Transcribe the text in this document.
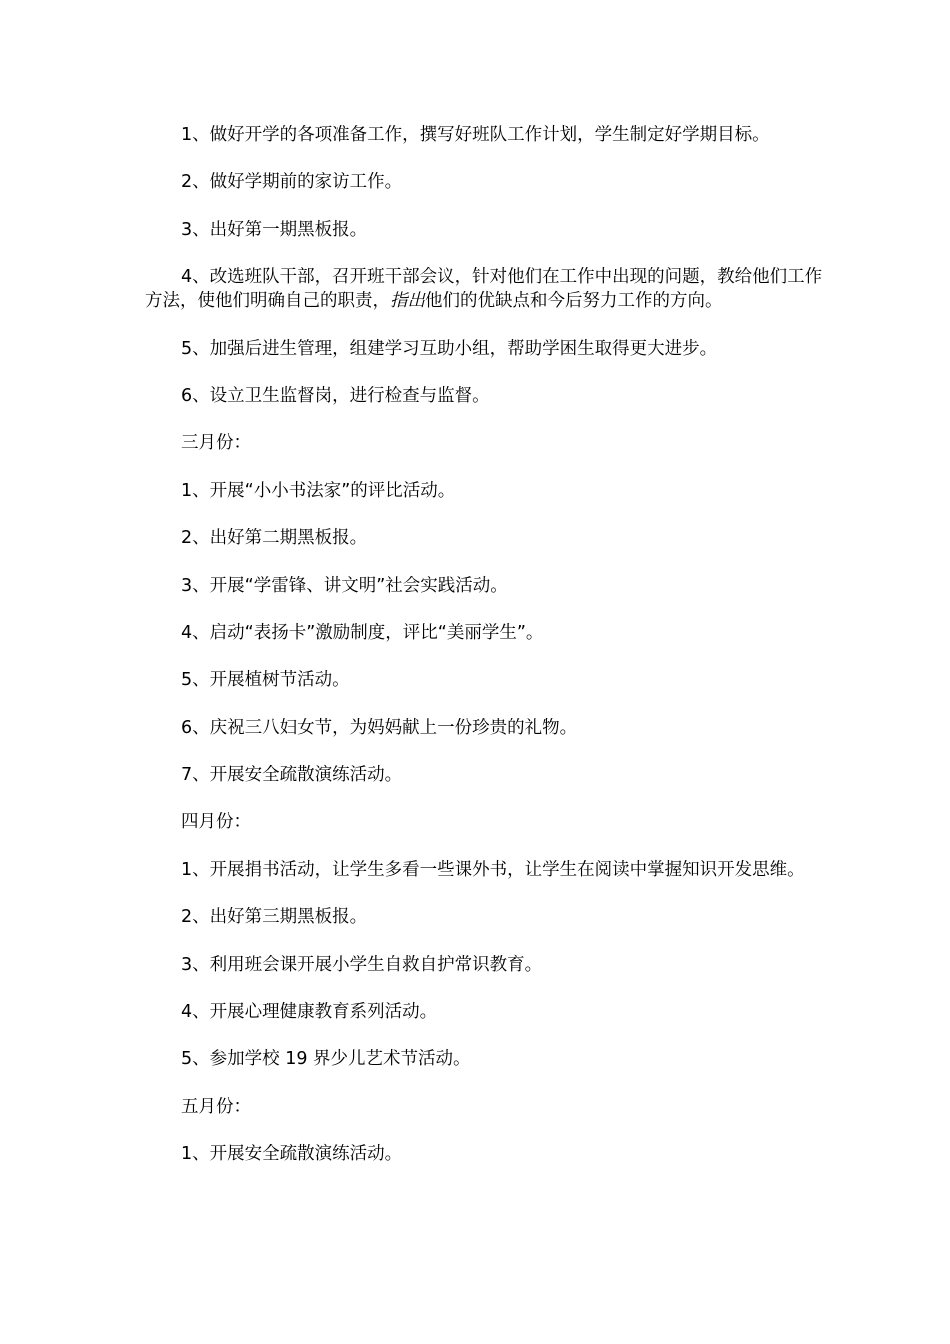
1、做好开学的各项准备工作，撰写好班队工作计划，学生制定好学期目标。

2、做好学期前的家访工作。

3、出好第一期黑板报。

4、改选班队干部，召开班干部会议，针对他们在工作中出现的问题，教给他们工作方法，使他们明确自己的职责，指出他们的优缺点和今后努力工作的方向。

5、加强后进生管理，组建学习互助小组，帮助学困生取得更大进步。

6、设立卫生监督岗，进行检查与监督。

三月份：

1、开展“小小书法家”的评比活动。

2、出好第二期黑板报。

3、开展“学雷锋、讲文明”社会实践活动。

4、启动“表扬卡”激励制度，评比“美丽学生”。

5、开展植树节活动。

6、庆祝三八妇女节，为妈妈献上一份珍贵的礼物。

7、开展安全疏散演练活动。

四月份：

1、开展捐书活动，让学生多看一些课外书，让学生在阅读中掌握知识开发思维。

2、出好第三期黑板报。

3、利用班会课开展小学生自救自护常识教育。

4、开展心理健康教育系列活动。

5、参加学校 19 界少儿艺术节活动。

五月份：

1、开展安全疏散演练活动。
